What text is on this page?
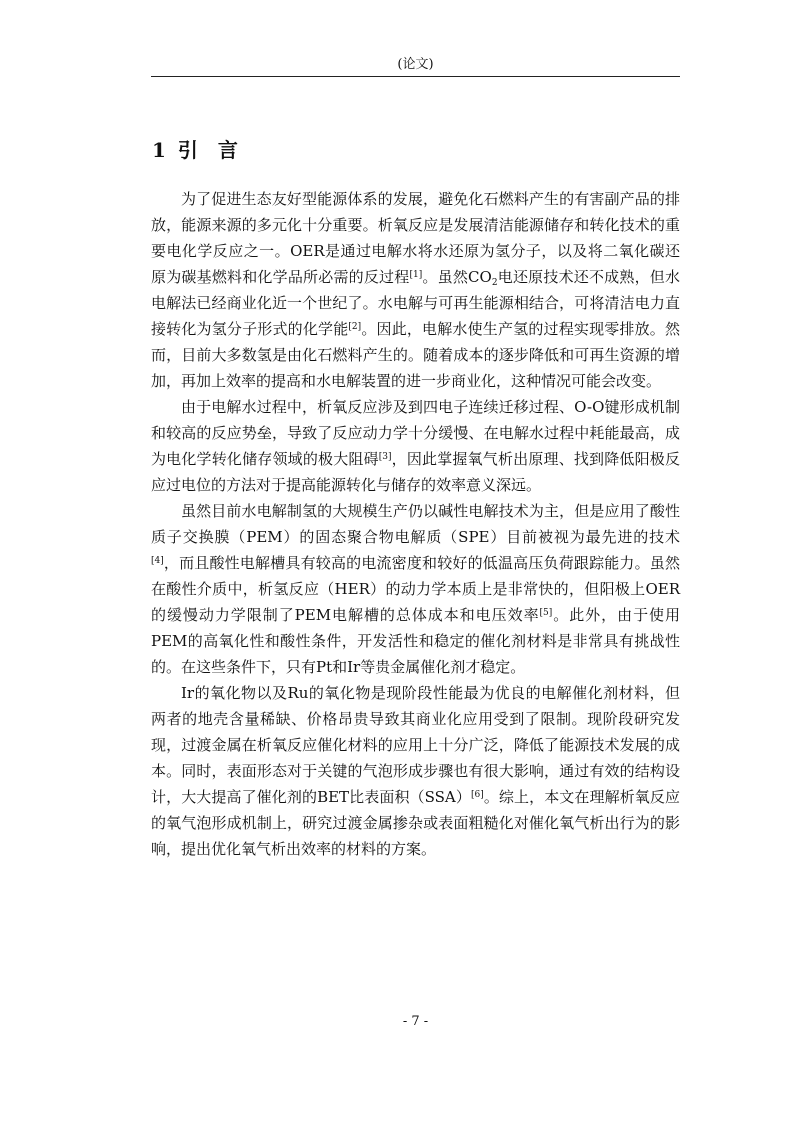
(论文)
1 引 言

为了促进生态友好型能源体系的发展，避免化石燃料产生的有害副产品的排放，能源来源的多元化十分重要。析氧反应是发展清洁能源储存和转化技术的重要电化学反应之一。OER是通过电解水将水还原为氢分子，以及将二氧化碳还原为碳基燃料和化学品所必需的反过程[1]。虽然$CO_2$电还原技术还不成熟，但水电解法已经商业化近一个世纪了。水电解与可再生能源相结合，可将清洁电力直接转化为氢分子形式的化学能[2]。因此，电解水使生产氢的过程实现零排放。然而，目前大多数氢是由化石燃料产生的。随着成本的逐步降低和可再生资源的增加，再加上效率的提高和水电解装置的进一步商业化，这种情况可能会改变。

由于电解水过程中，析氧反应涉及到四电子连续迁移过程、O-O键形成机制和较高的反应势垒，导致了反应动力学十分缓慢、在电解水过程中耗能最高，成为电化学转化储存领域的极大阻碍[3]，因此掌握氧气析出原理、找到降低阳极反应过电位的方法对于提高能源转化与储存的效率意义深远。

虽然目前水电解制氢的大规模生产仍以碱性电解技术为主，但是应用了酸性质子交换膜（PEM）的固态聚合物电解质（SPE）目前被视为最先进的技术[4]，而且酸性电解槽具有较高的电流密度和较好的低温高压负荷跟踪能力。虽然在酸性介质中，析氢反应（HER）的动力学本质上是非常快的，但阳极上OER的缓慢动力学限制了PEM电解槽的总体成本和电压效率[5]。此外，由于使用PEM的高氧化性和酸性条件，开发活性和稳定的催化剂材料是非常具有挑战性的。在这些条件下，只有Pt和Ir等贵金属催化剂才稳定。

Ir的氧化物以及Ru的氧化物是现阶段性能最为优良的电解催化剂材料，但两者的地壳含量稀缺、价格昂贵导致其商业化应用受到了限制。现阶段研究发现，过渡金属在析氧反应催化材料的应用上十分广泛，降低了能源技术发展的成本。同时，表面形态对于关键的气泡形成步骤也有很大影响，通过有效的结构设计，大大提高了催化剂的BET比表面积（SSA）[6]。综上，本文在理解析氧反应的氧气泡形成机制上，研究过渡金属掺杂或表面粗糙化对催化氧气析出行为的影响，提出优化氧气析出效率的材料的方案。

- 7 -
